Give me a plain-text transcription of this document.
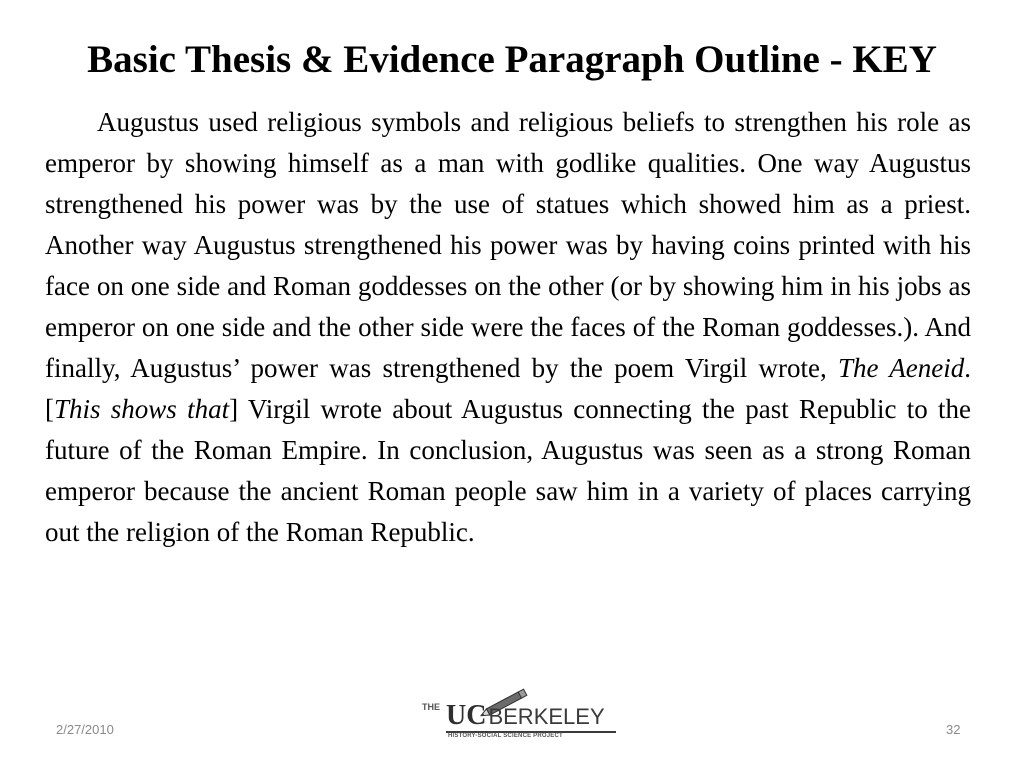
Basic Thesis & Evidence Paragraph Outline - KEY

Augustus used religious symbols and religious beliefs to strengthen his role as emperor by showing himself as a man with godlike qualities. One way Augustus strengthened his power was by the use of statues which showed him as a priest. Another way Augustus strengthened his power was by having coins printed with his face on one side and Roman goddesses on the other (or by showing him in his jobs as emperor on one side and the other side were the faces of the Roman goddesses.). And finally, Augustus’ power was strengthened by the poem Virgil wrote, The Aeneid. [This shows that] Virgil wrote about Augustus connecting the past Republic to the future of the Roman Empire. In conclusion, Augustus was seen as a strong Roman emperor because the ancient Roman people saw him in a variety of places carrying out the religion of the Roman Republic.

2/27/2010
THE UCBERKELEY
HISTORY-SOCIAL SCIENCE PROJECT	32
